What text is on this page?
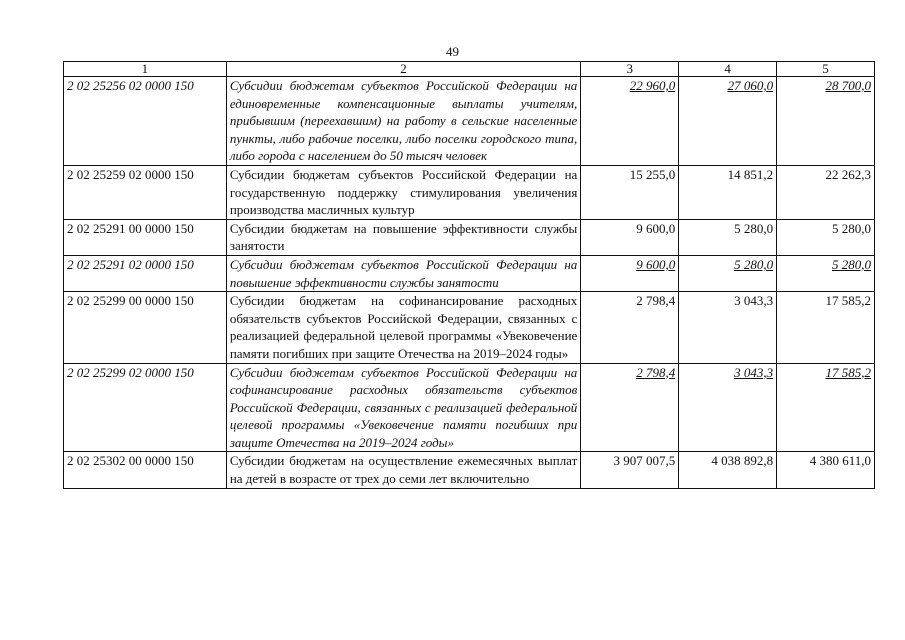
49
1	2	3	4	5
2 02 25256 02 0000 150	Субсидии бюджетам субъектов Российской Федерации на единовременные компенсационные выплаты учителям, прибывшим (переехавшим) на работу в сельские населенные пункты, либо рабочие поселки, либо поселки городского типа, либо города с населением до 50 тысяч человек	22 960,0	27 060,0	28 700,0
2 02 25259 02 0000 150	Субсидии бюджетам субъектов Российской Федерации на государственную поддержку стимулирования увеличения производства масличных культур	15 255,0	14 851,2	22 262,3
2 02 25291 00 0000 150	Субсидии бюджетам на повышение эффективности службы занятости	9 600,0	5 280,0	5 280,0
2 02 25291 02 0000 150	Субсидии бюджетам субъектов Российской Федерации на повышение эффективности службы занятости	9 600,0	5 280,0	5 280,0
2 02 25299 00 0000 150	Субсидии бюджетам на софинансирование расходных обязательств субъектов Российской Федерации, связанных с реализацией федеральной целевой программы «Увековечение памяти погибших при защите Отечества на 2019–2024 годы»	2 798,4	3 043,3	17 585,2
2 02 25299 02 0000 150	Субсидии бюджетам субъектов Российской Федерации на софинансирование расходных обязательств субъектов Российской Федерации, связанных с реализацией федеральной целевой программы «Увековечение памяти погибших при защите Отечества на 2019–2024 годы»	2 798,4	3 043,3	17 585,2
2 02 25302 00 0000 150	Субсидии бюджетам на осуществление ежемесячных выплат на детей в возрасте от трех до семи лет включительно	3 907 007,5	4 038 892,8	4 380 611,0
